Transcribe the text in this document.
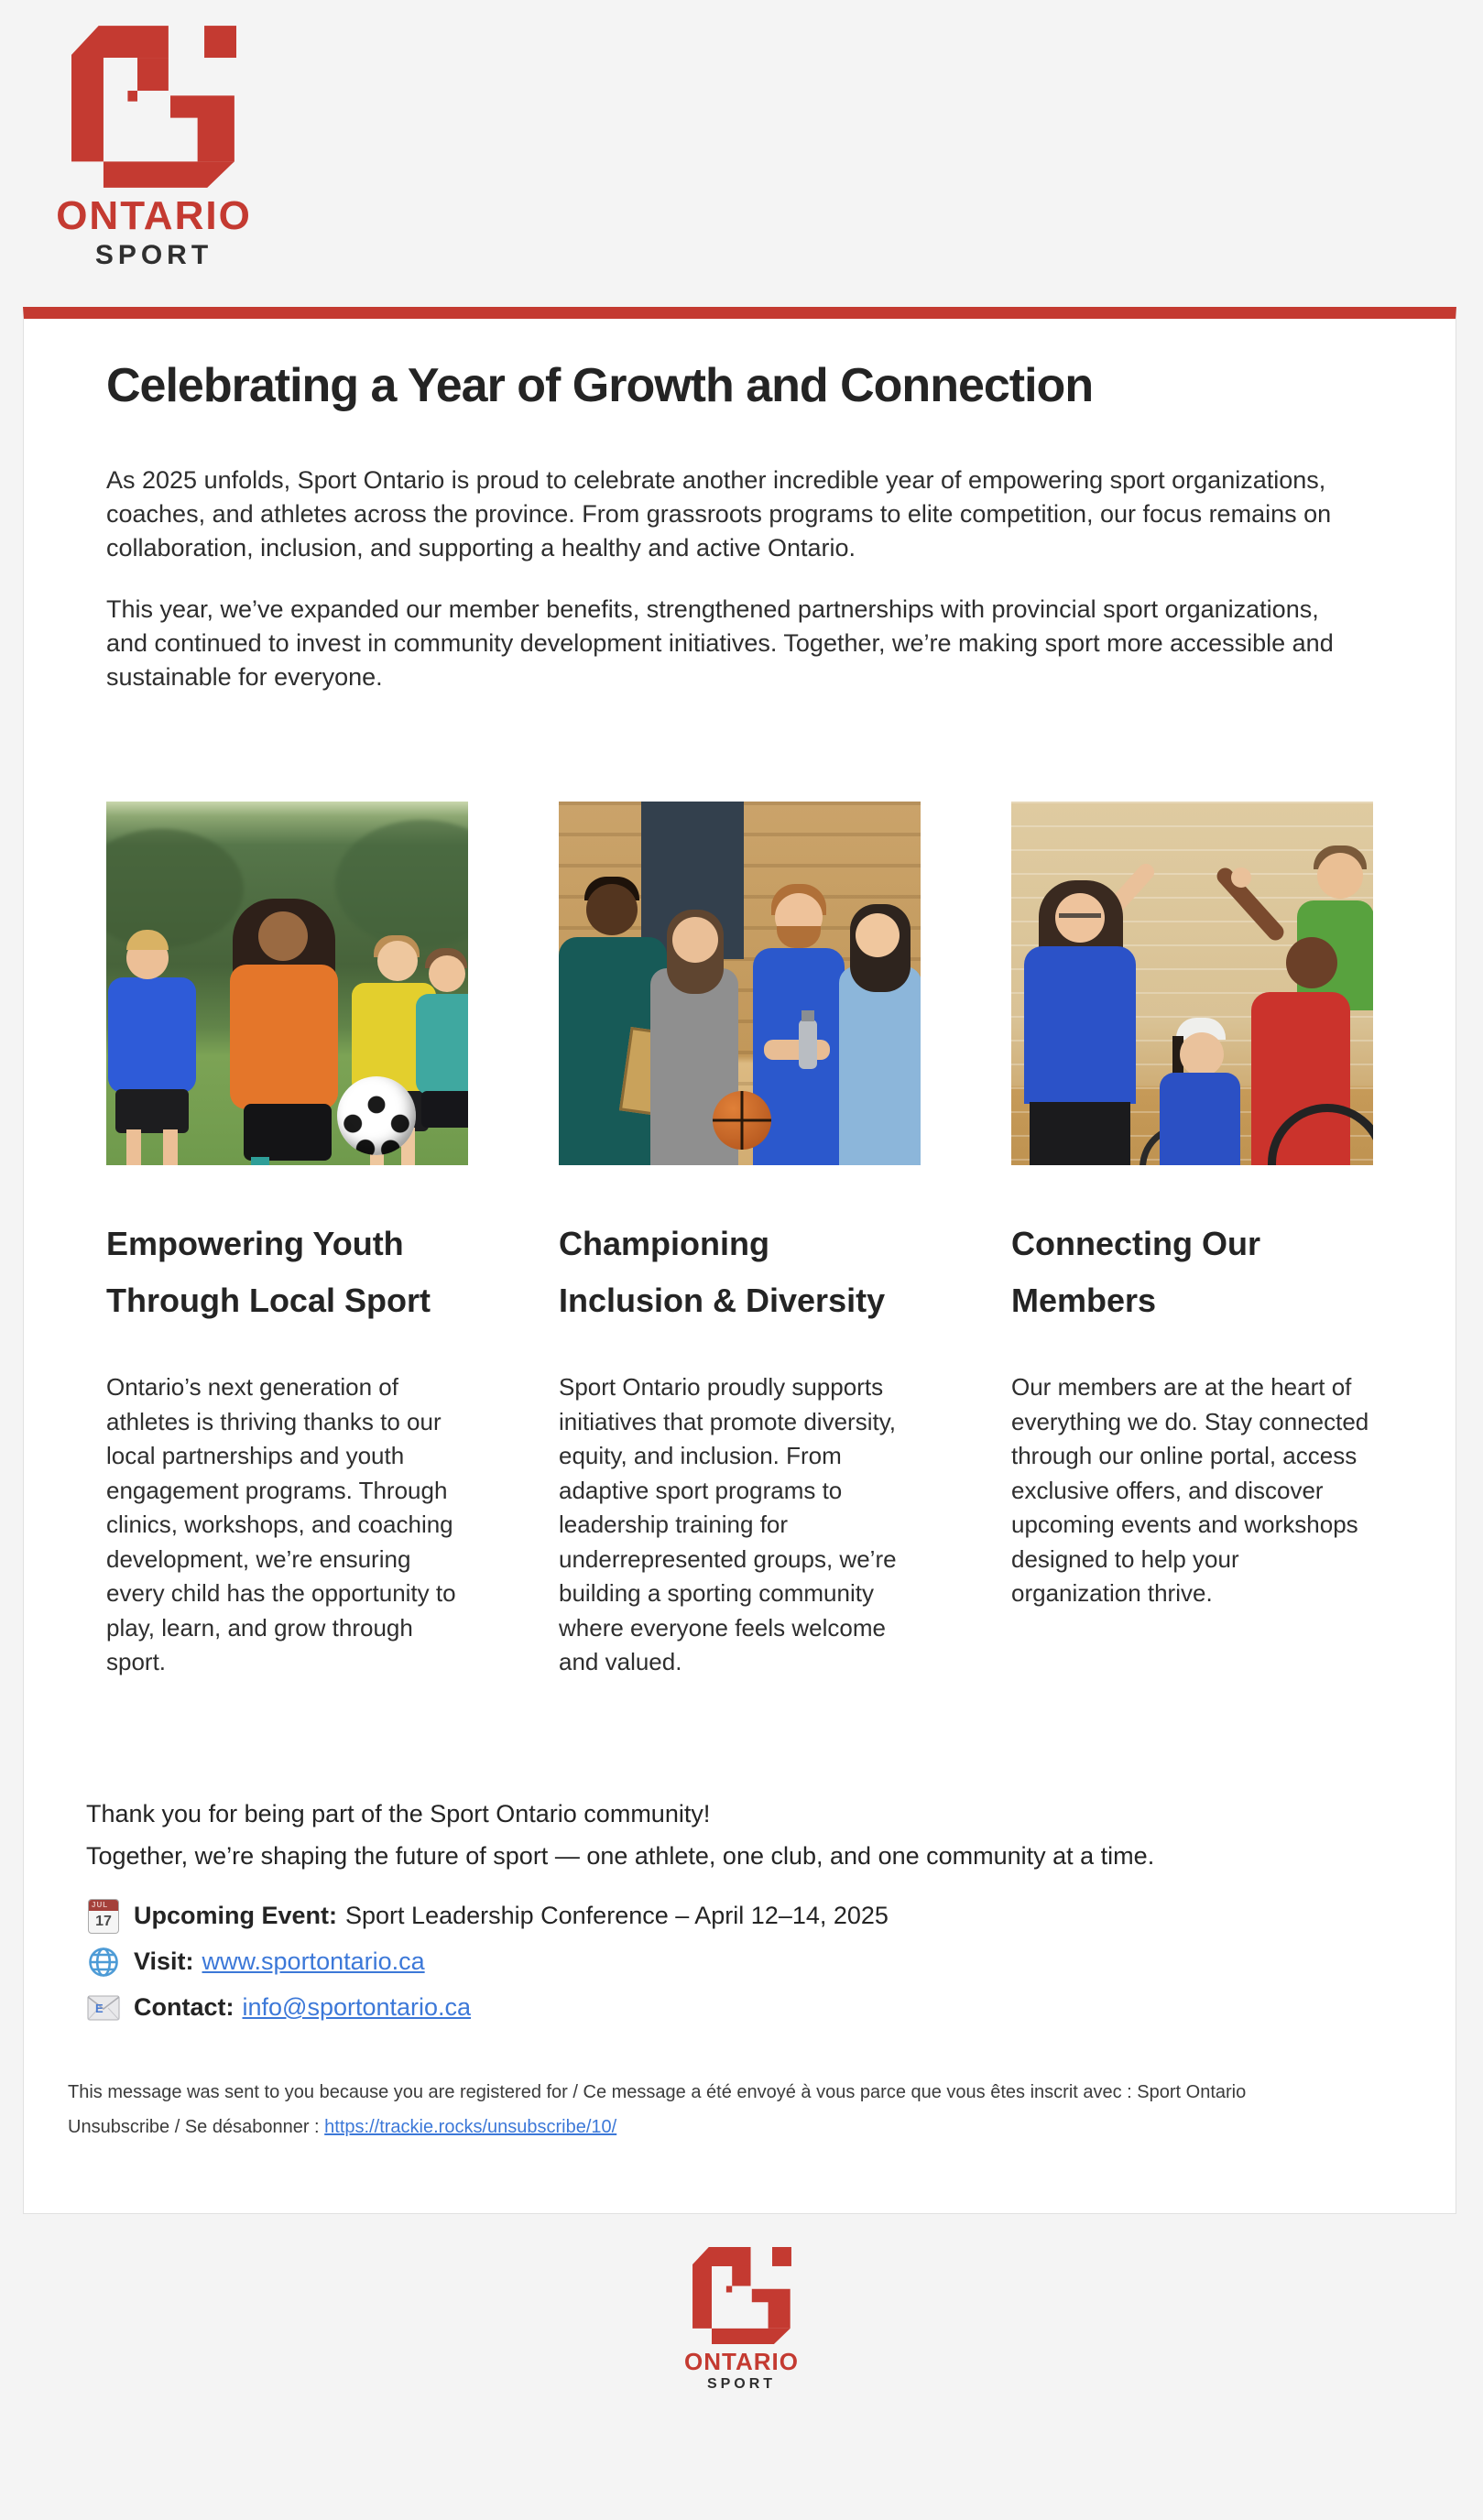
ONTARIO
SPORT
Celebrating a Year of Growth and Connection

As 2025 unfolds, Sport Ontario is proud to celebrate another incredible year of empowering sport organizations, coaches, and athletes across the province. From grassroots programs to elite competition, our focus remains on collaboration, inclusion, and supporting a healthy and active Ontario.

This year, we’ve expanded our member benefits, strengthened partnerships with provincial sport organizations, and continued to invest in community development initiatives. Together, we’re making sport more accessible and sustainable for everyone.

Empowering Youth Through Local Sport
Ontario’s next generation of athletes is thriving thanks to our local partnerships and youth engagement programs. Through clinics, workshops, and coaching development, we’re ensuring every child has the opportunity to play, learn, and grow through sport.
Championing Inclusion & Diversity
Sport Ontario proudly supports initiatives that promote diversity, equity, and inclusion. From adaptive sport programs to leadership training for underrepresented groups, we’re building a sporting community where everyone feels welcome and valued.
Connecting Our Members
Our members are at the heart of everything we do. Stay connected through our online portal, access exclusive offers, and discover upcoming events and workshops designed to help your organization thrive.
Thank you for being part of the Sport Ontario community!
Together, we’re shaping the future of sport — one athlete, one club, and one community at a time.
JUL
17 Upcoming Event: Sport Leadership Conference – April 12–14, 2025
Visit: www.sportontario.ca
E Contact: info@sportontario.ca
This message was sent to you because you are registered for / Ce message a été envoyé à vous parce que vous êtes inscrit avec : Sport Ontario
Unsubscribe / Se désabonner : https://trackie.rocks/unsubscribe/10/
ONTARIO
SPORT
